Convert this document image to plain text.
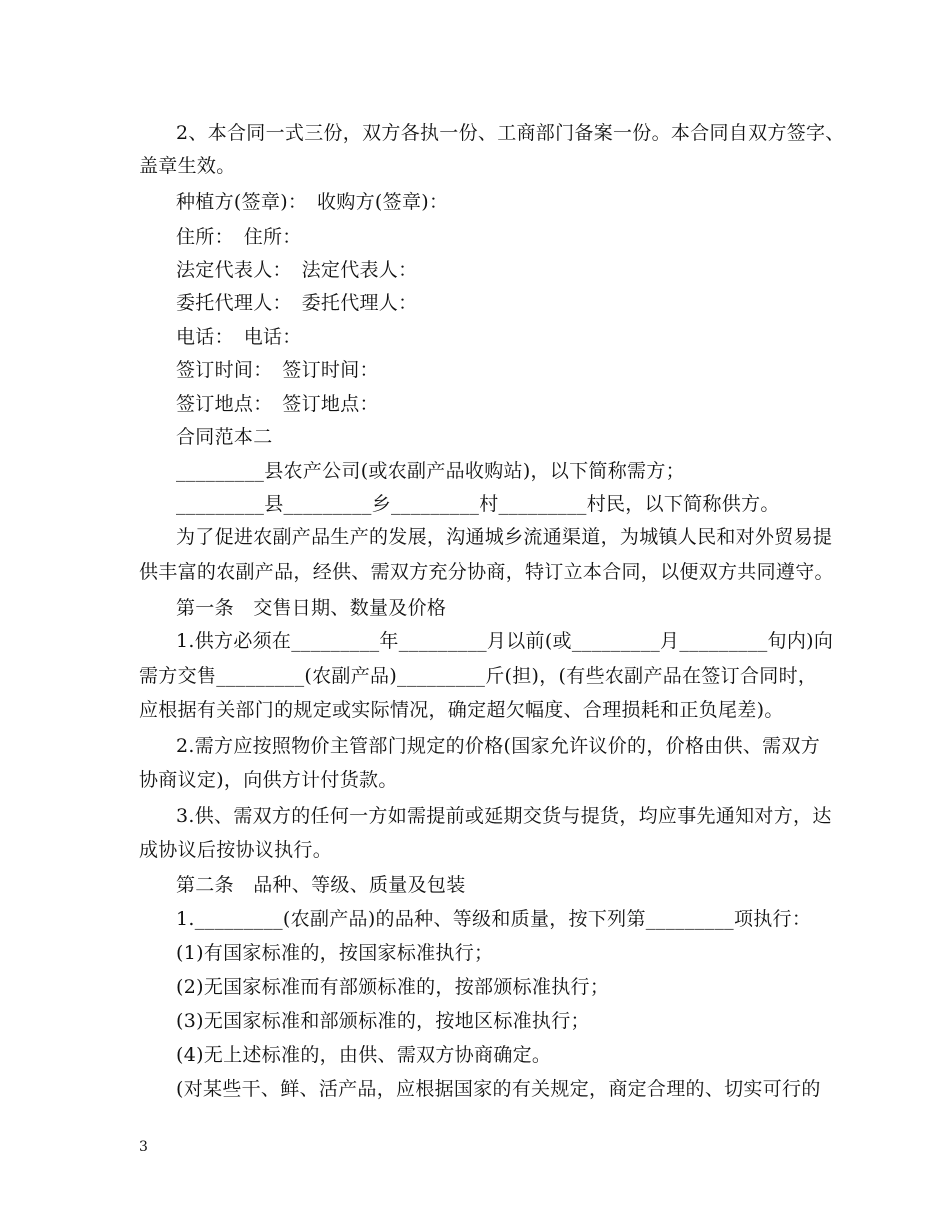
2、本合同一式三份，双方各执一份、工商部门备案一份。本合同自双方签字、
盖章生效。
种植方(签章)：　收购方(签章)：
住所：　住所：
法定代表人：　法定代表人：
委托代理人：　委托代理人：
电话：　电话：
签订时间：　签订时间：
签订地点：　签订地点：
合同范本二
_________县农产公司(或农副产品收购站)，以下简称需方；
_________县_________乡_________村_________村民，以下简称供方。
为了促进农副产品生产的发展，沟通城乡流通渠道，为城镇人民和对外贸易提
供丰富的农副产品，经供、需双方充分协商，特订立本合同，以便双方共同遵守。
第一条　交售日期、数量及价格
1.供方必须在_________年_________月以前(或_________月_________旬内)向
需方交售_________(农副产品)_________斤(担)，(有些农副产品在签订合同时，
应根据有关部门的规定或实际情况，确定超欠幅度、合理损耗和正负尾差)。
2.需方应按照物价主管部门规定的价格(国家允许议价的，价格由供、需双方
协商议定)，向供方计付货款。
3.供、需双方的任何一方如需提前或延期交货与提货，均应事先通知对方，达
成协议后按协议执行。
第二条　品种、等级、质量及包装
1._________(农副产品)的品种、等级和质量，按下列第_________项执行：
(1)有国家标准的，按国家标准执行；
(2)无国家标准而有部颁标准的，按部颁标准执行；
(3)无国家标准和部颁标准的，按地区标准执行；
(4)无上述标准的，由供、需双方协商确定。
(对某些干、鲜、活产品，应根据国家的有关规定，商定合理的、切实可行的
3
